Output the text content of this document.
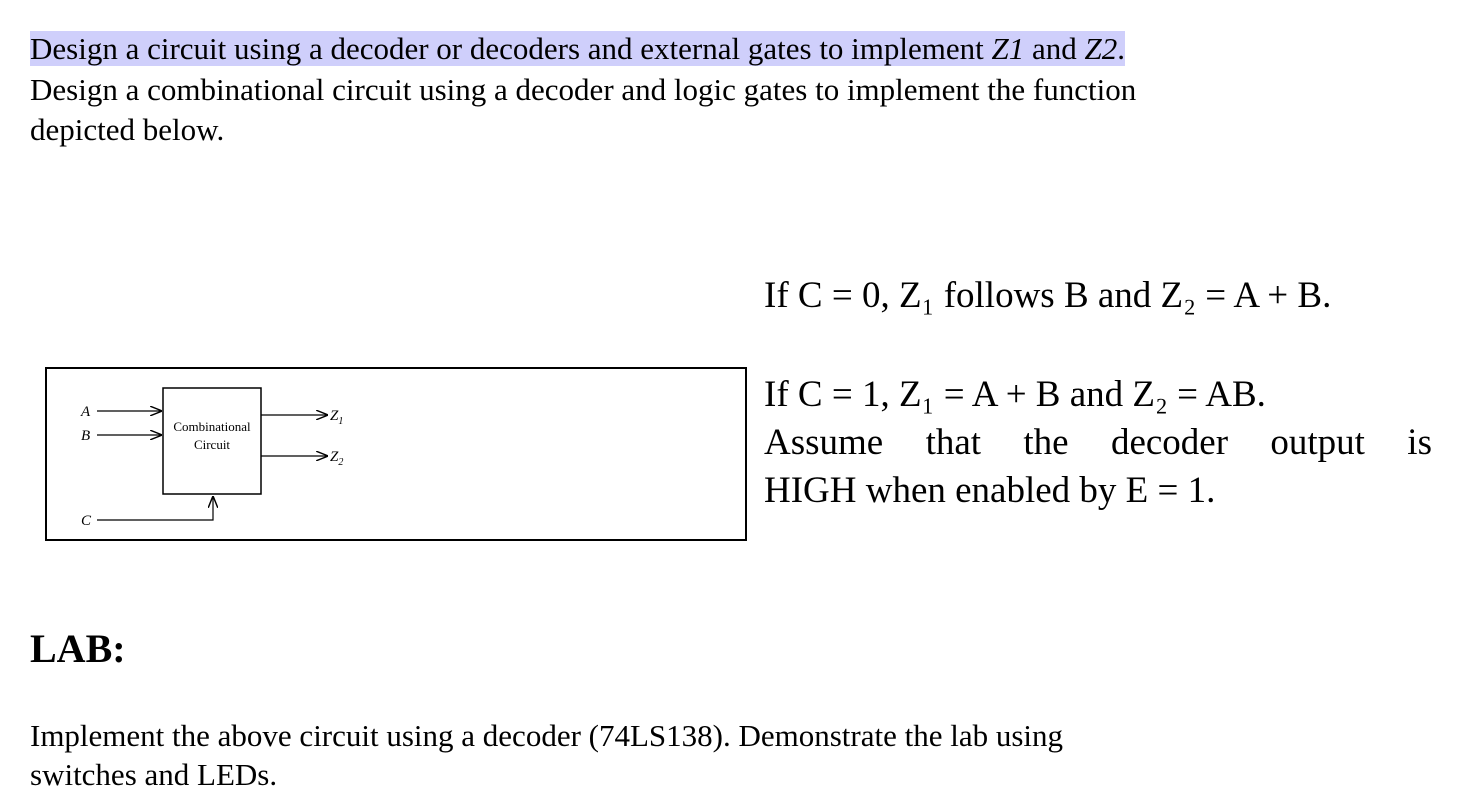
Design a circuit using a decoder or decoders and external gates to implement Z1 and Z2.
Design a combinational circuit using a decoder and logic gates to implement the function
depicted below.
A
B
C
Combinational
Circuit
$Z_1$
$Z_2$
If C = 0, Z₁ follows B and Z₂ = A + B.
If C = 1, Z₁ = A + B and Z₂ = AB.
Assume that the decoder output is
HIGH when enabled by E = 1.
LAB:
Implement the above circuit using a decoder (74LS138). Demonstrate the lab using
switches and LEDs.
